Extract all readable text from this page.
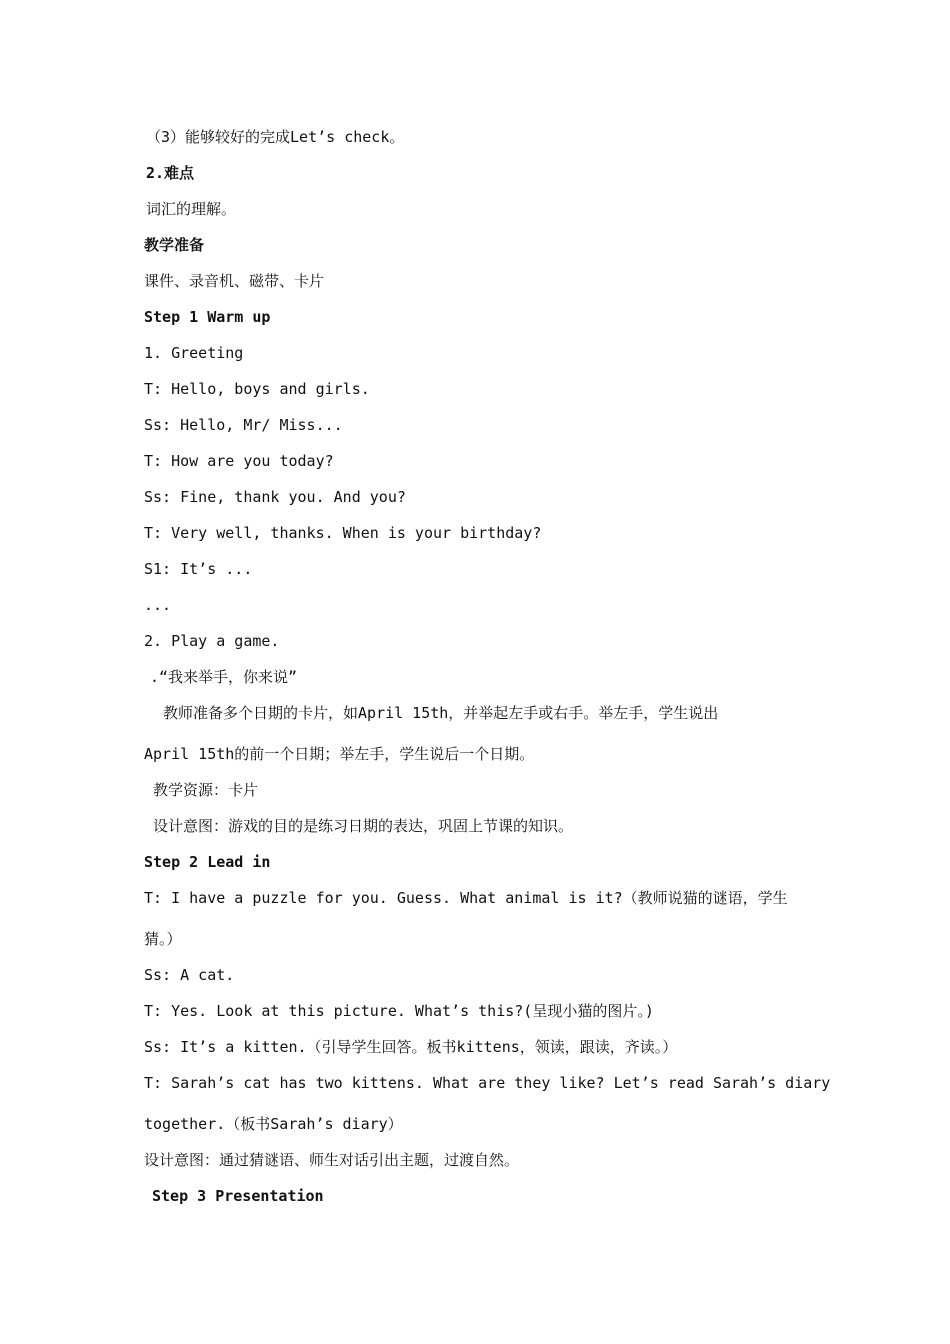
（3）能够较好的完成Let’s check。
2.难点
词汇的理解。
教学准备
课件、录音机、磁带、卡片
Step 1 Warm up
1. Greeting
T: Hello, boys and girls.
Ss: Hello, Mr/ Miss...
T: How are you today?
Ss: Fine, thank you. And you?
T: Very well, thanks. When is your birthday?
S1: It’s ...
...
2. Play a game.
.“我来举手，你来说”
教师准备多个日期的卡片，如April 15th，并举起左手或右手。举左手，学生说出
April 15th的前一个日期；举左手，学生说后一个日期。
教学资源：卡片
设计意图：游戏的目的是练习日期的表达，巩固上节课的知识。
Step 2 Lead in
T: I have a puzzle for you. Guess. What animal is it?（教师说猫的谜语，学生
猜。）
Ss: A cat.
T: Yes. Look at this picture. What’s this?(呈现小猫的图片。)
Ss: It’s a kitten.（引导学生回答。板书kittens，领读，跟读，齐读。）
T: Sarah’s cat has two kittens. What are they like? Let’s read Sarah’s diary
together.（板书Sarah’s diary）
设计意图：通过猜谜语、师生对话引出主题，过渡自然。
Step 3 Presentation
